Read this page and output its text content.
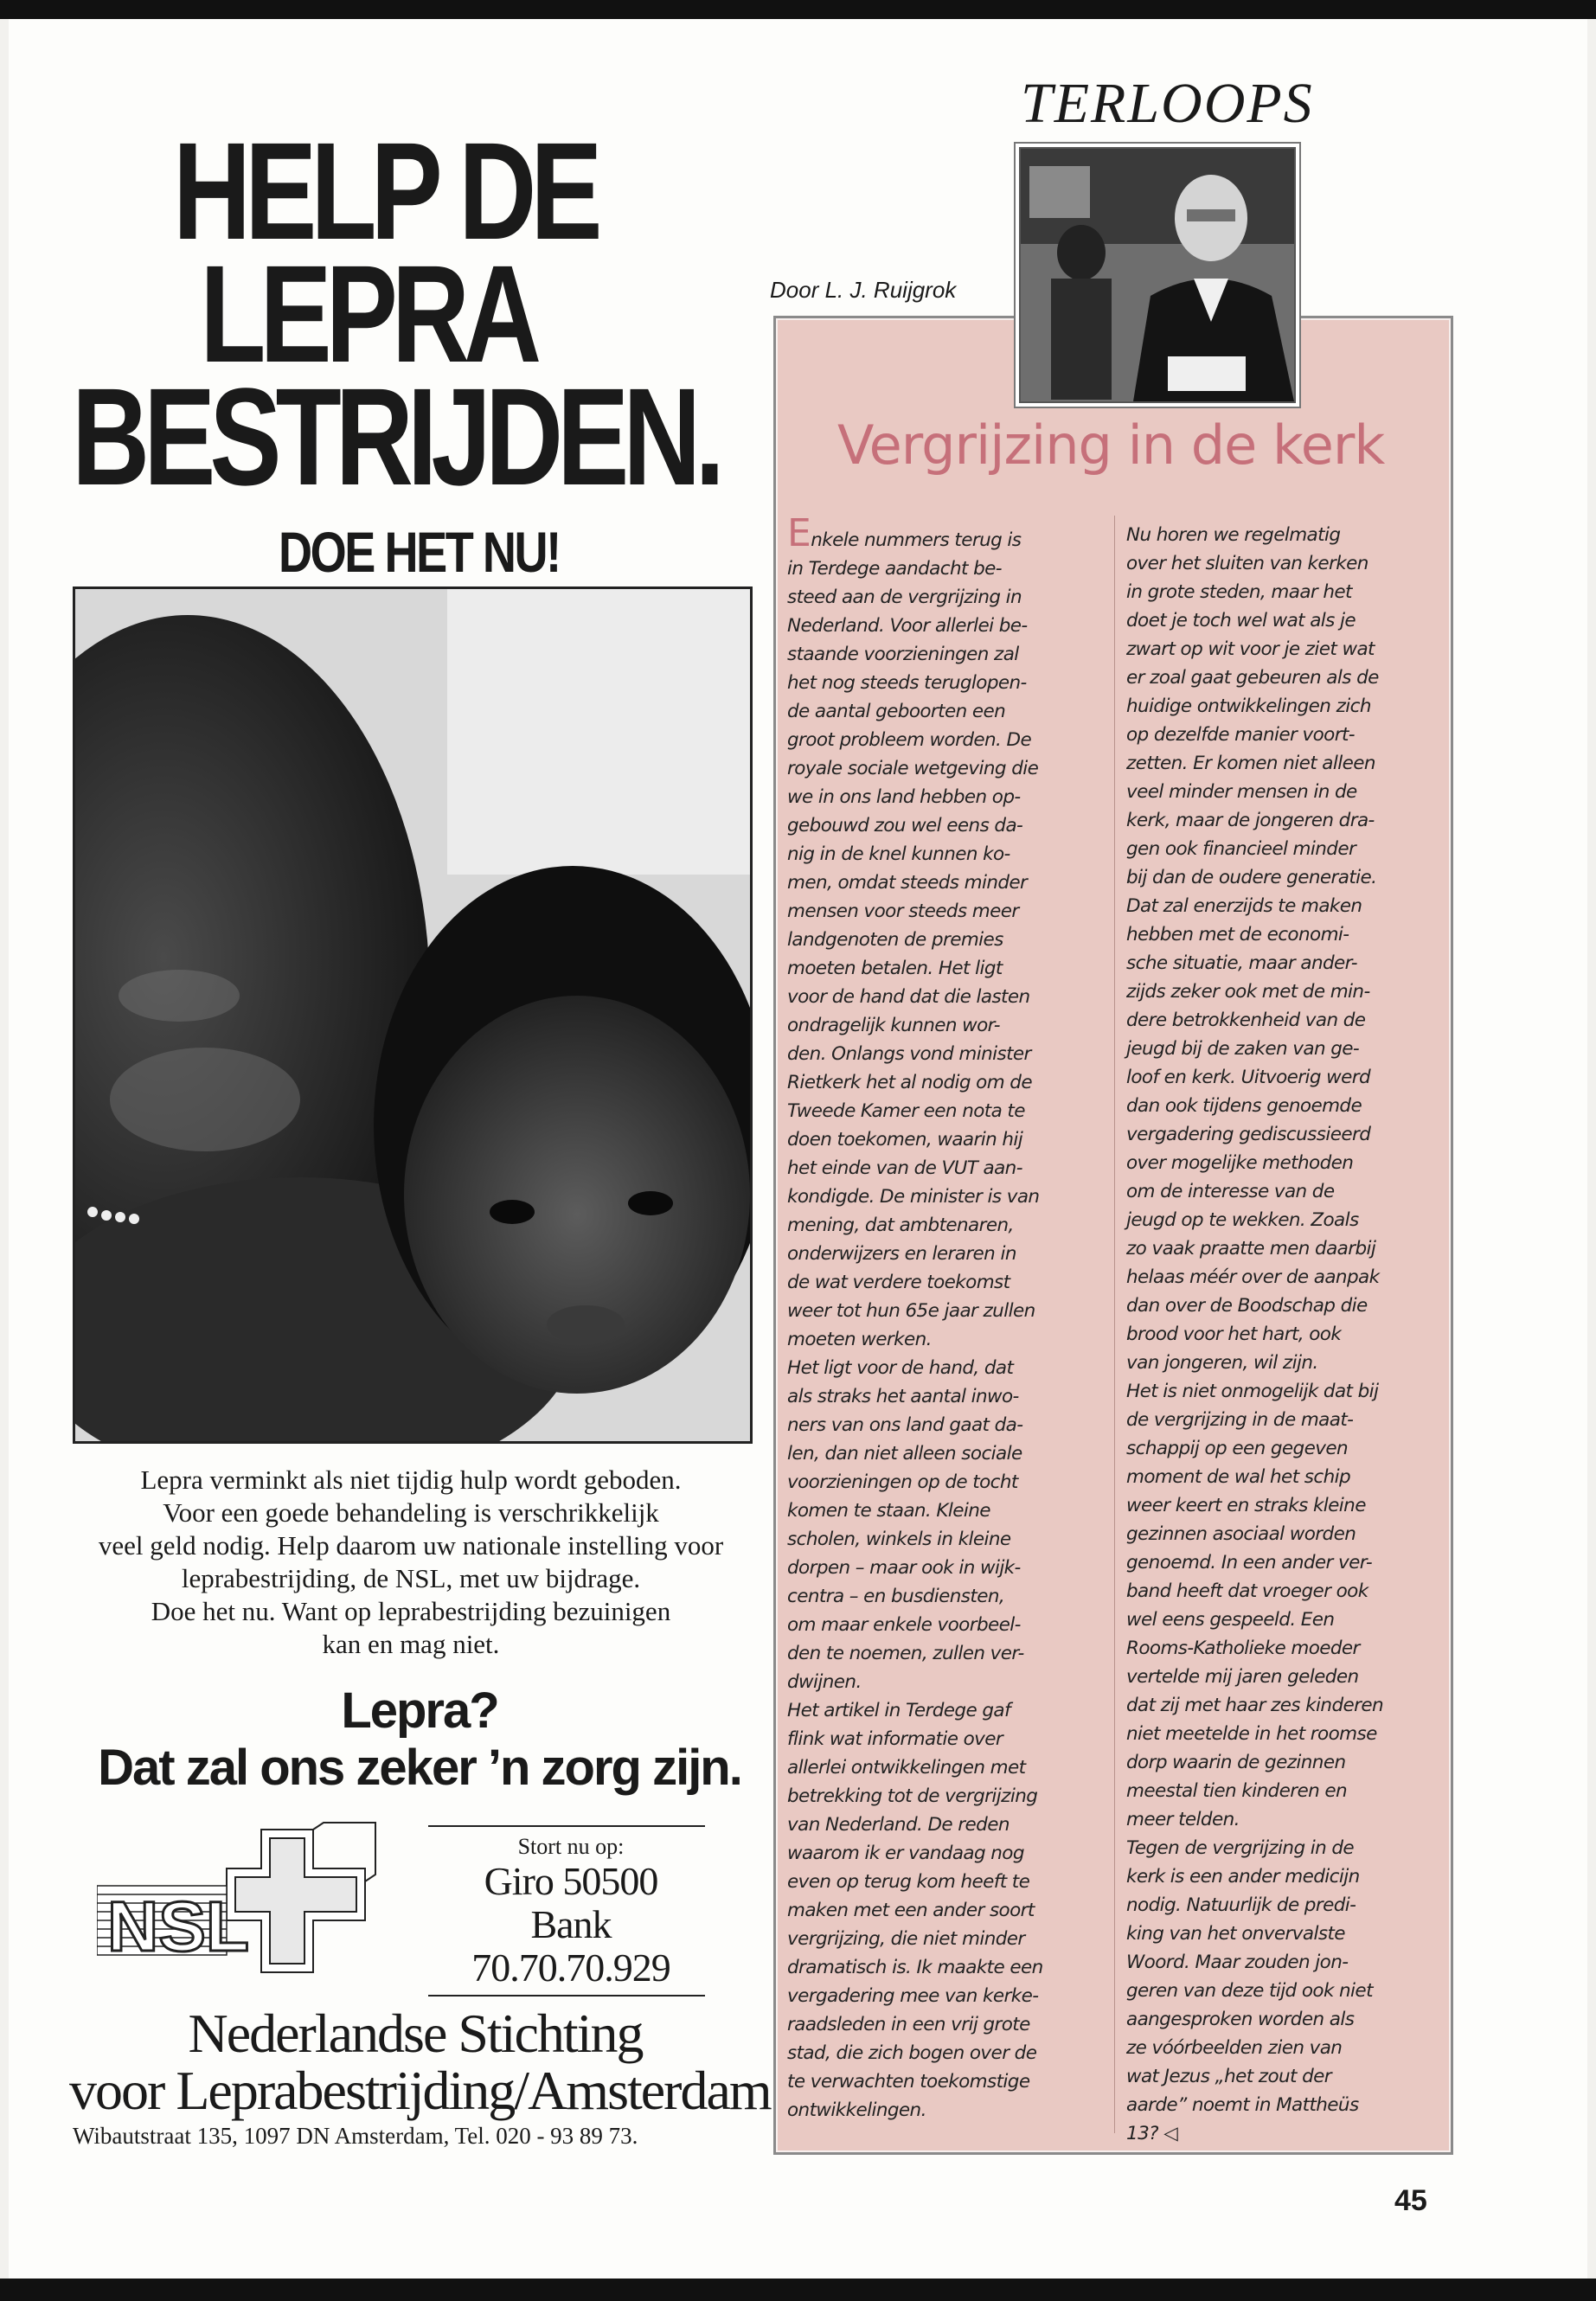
HELP DE
LEPRA
BESTRIJDEN.
DOE HET NU!
Lepra verminkt als niet tijdig hulp wordt geboden.
Voor een goede behandeling is verschrikkelijk
veel geld nodig. Help daarom uw nationale instelling voor
leprabestrijding, de NSL, met uw bijdrage.
Doe het nu. Want op leprabestrijding bezuinigen
kan en mag niet.
Lepra?
Dat zal ons zeker ’n zorg zijn.
NSL
Stort nu op:
Giro 50500
Bank 70.70.70.929
Nederlandse Stichting
voor Leprabestrijding/Amsterdam
Wibautstraat 135, 1097 DN Amsterdam, Tel. 020 - 93 89 73.
TERLOOPS
Door L. J. Ruijgrok
Vergrijzing in de kerk
Enkele nummers terug is
in Terdege aandacht be-
steed aan de vergrijzing in
Nederland. Voor allerlei be-
staande voorzieningen zal
het nog steeds teruglopen-
de aantal geboorten een
groot probleem worden. De
royale sociale wetgeving die
we in ons land hebben op-
gebouwd zou wel eens da-
nig in de knel kunnen ko-
men, omdat steeds minder
mensen voor steeds meer
landgenoten de premies
moeten betalen. Het ligt
voor de hand dat die lasten
ondragelijk kunnen wor-
den. Onlangs vond minister
Rietkerk het al nodig om de
Tweede Kamer een nota te
doen toekomen, waarin hij
het einde van de VUT aan-
kondigde. De minister is van
mening, dat ambtenaren,
onderwijzers en leraren in
de wat verdere toekomst
weer tot hun 65e jaar zullen
moeten werken.
Het ligt voor de hand, dat
als straks het aantal inwo-
ners van ons land gaat da-
len, dan niet alleen sociale
voorzieningen op de tocht
komen te staan. Kleine
scholen, winkels in kleine
dorpen – maar ook in wijk-
centra – en busdiensten,
om maar enkele voorbeel-
den te noemen, zullen ver-
dwijnen.
Het artikel in Terdege gaf
flink wat informatie over
allerlei ontwikkelingen met
betrekking tot de vergrijzing
van Nederland. De reden
waarom ik er vandaag nog
even op terug kom heeft te
maken met een ander soort
vergrijzing, die niet minder
dramatisch is. Ik maakte een
vergadering mee van kerke-
raadsleden in een vrij grote
stad, die zich bogen over de
te verwachten toekomstige
ontwikkelingen.
Nu horen we regelmatig
over het sluiten van kerken
in grote steden, maar het
doet je toch wel wat als je
zwart op wit voor je ziet wat
er zoal gaat gebeuren als de
huidige ontwikkelingen zich
op dezelfde manier voort-
zetten. Er komen niet alleen
veel minder mensen in de
kerk, maar de jongeren dra-
gen ook financieel minder
bij dan de oudere generatie.
Dat zal enerzijds te maken
hebben met de economi-
sche situatie, maar ander-
zijds zeker ook met de min-
dere betrokkenheid van de
jeugd bij de zaken van ge-
loof en kerk. Uitvoerig werd
dan ook tijdens genoemde
vergadering gediscussieerd
over mogelijke methoden
om de interesse van de
jeugd op te wekken. Zoals
zo vaak praatte men daarbij
helaas méér over de aanpak
dan over de Boodschap die
brood voor het hart, ook
van jongeren, wil zijn.
Het is niet onmogelijk dat bij
de vergrijzing in de maat-
schappij op een gegeven
moment de wal het schip
weer keert en straks kleine
gezinnen asociaal worden
genoemd. In een ander ver-
band heeft dat vroeger ook
wel eens gespeeld. Een
Rooms-Katholieke moeder
vertelde mij jaren geleden
dat zij met haar zes kinderen
niet meetelde in het roomse
dorp waarin de gezinnen
meestal tien kinderen en
meer telden.
Tegen de vergrijzing in de
kerk is een ander medicijn
nodig. Natuurlijk de predi-
king van het onvervalste
Woord. Maar zouden jon-
geren van deze tijd ook niet
aangesproken worden als
ze vóórbeelden zien van
wat Jezus „het zout der
aarde” noemt in Mattheüs
13? ◁
45
